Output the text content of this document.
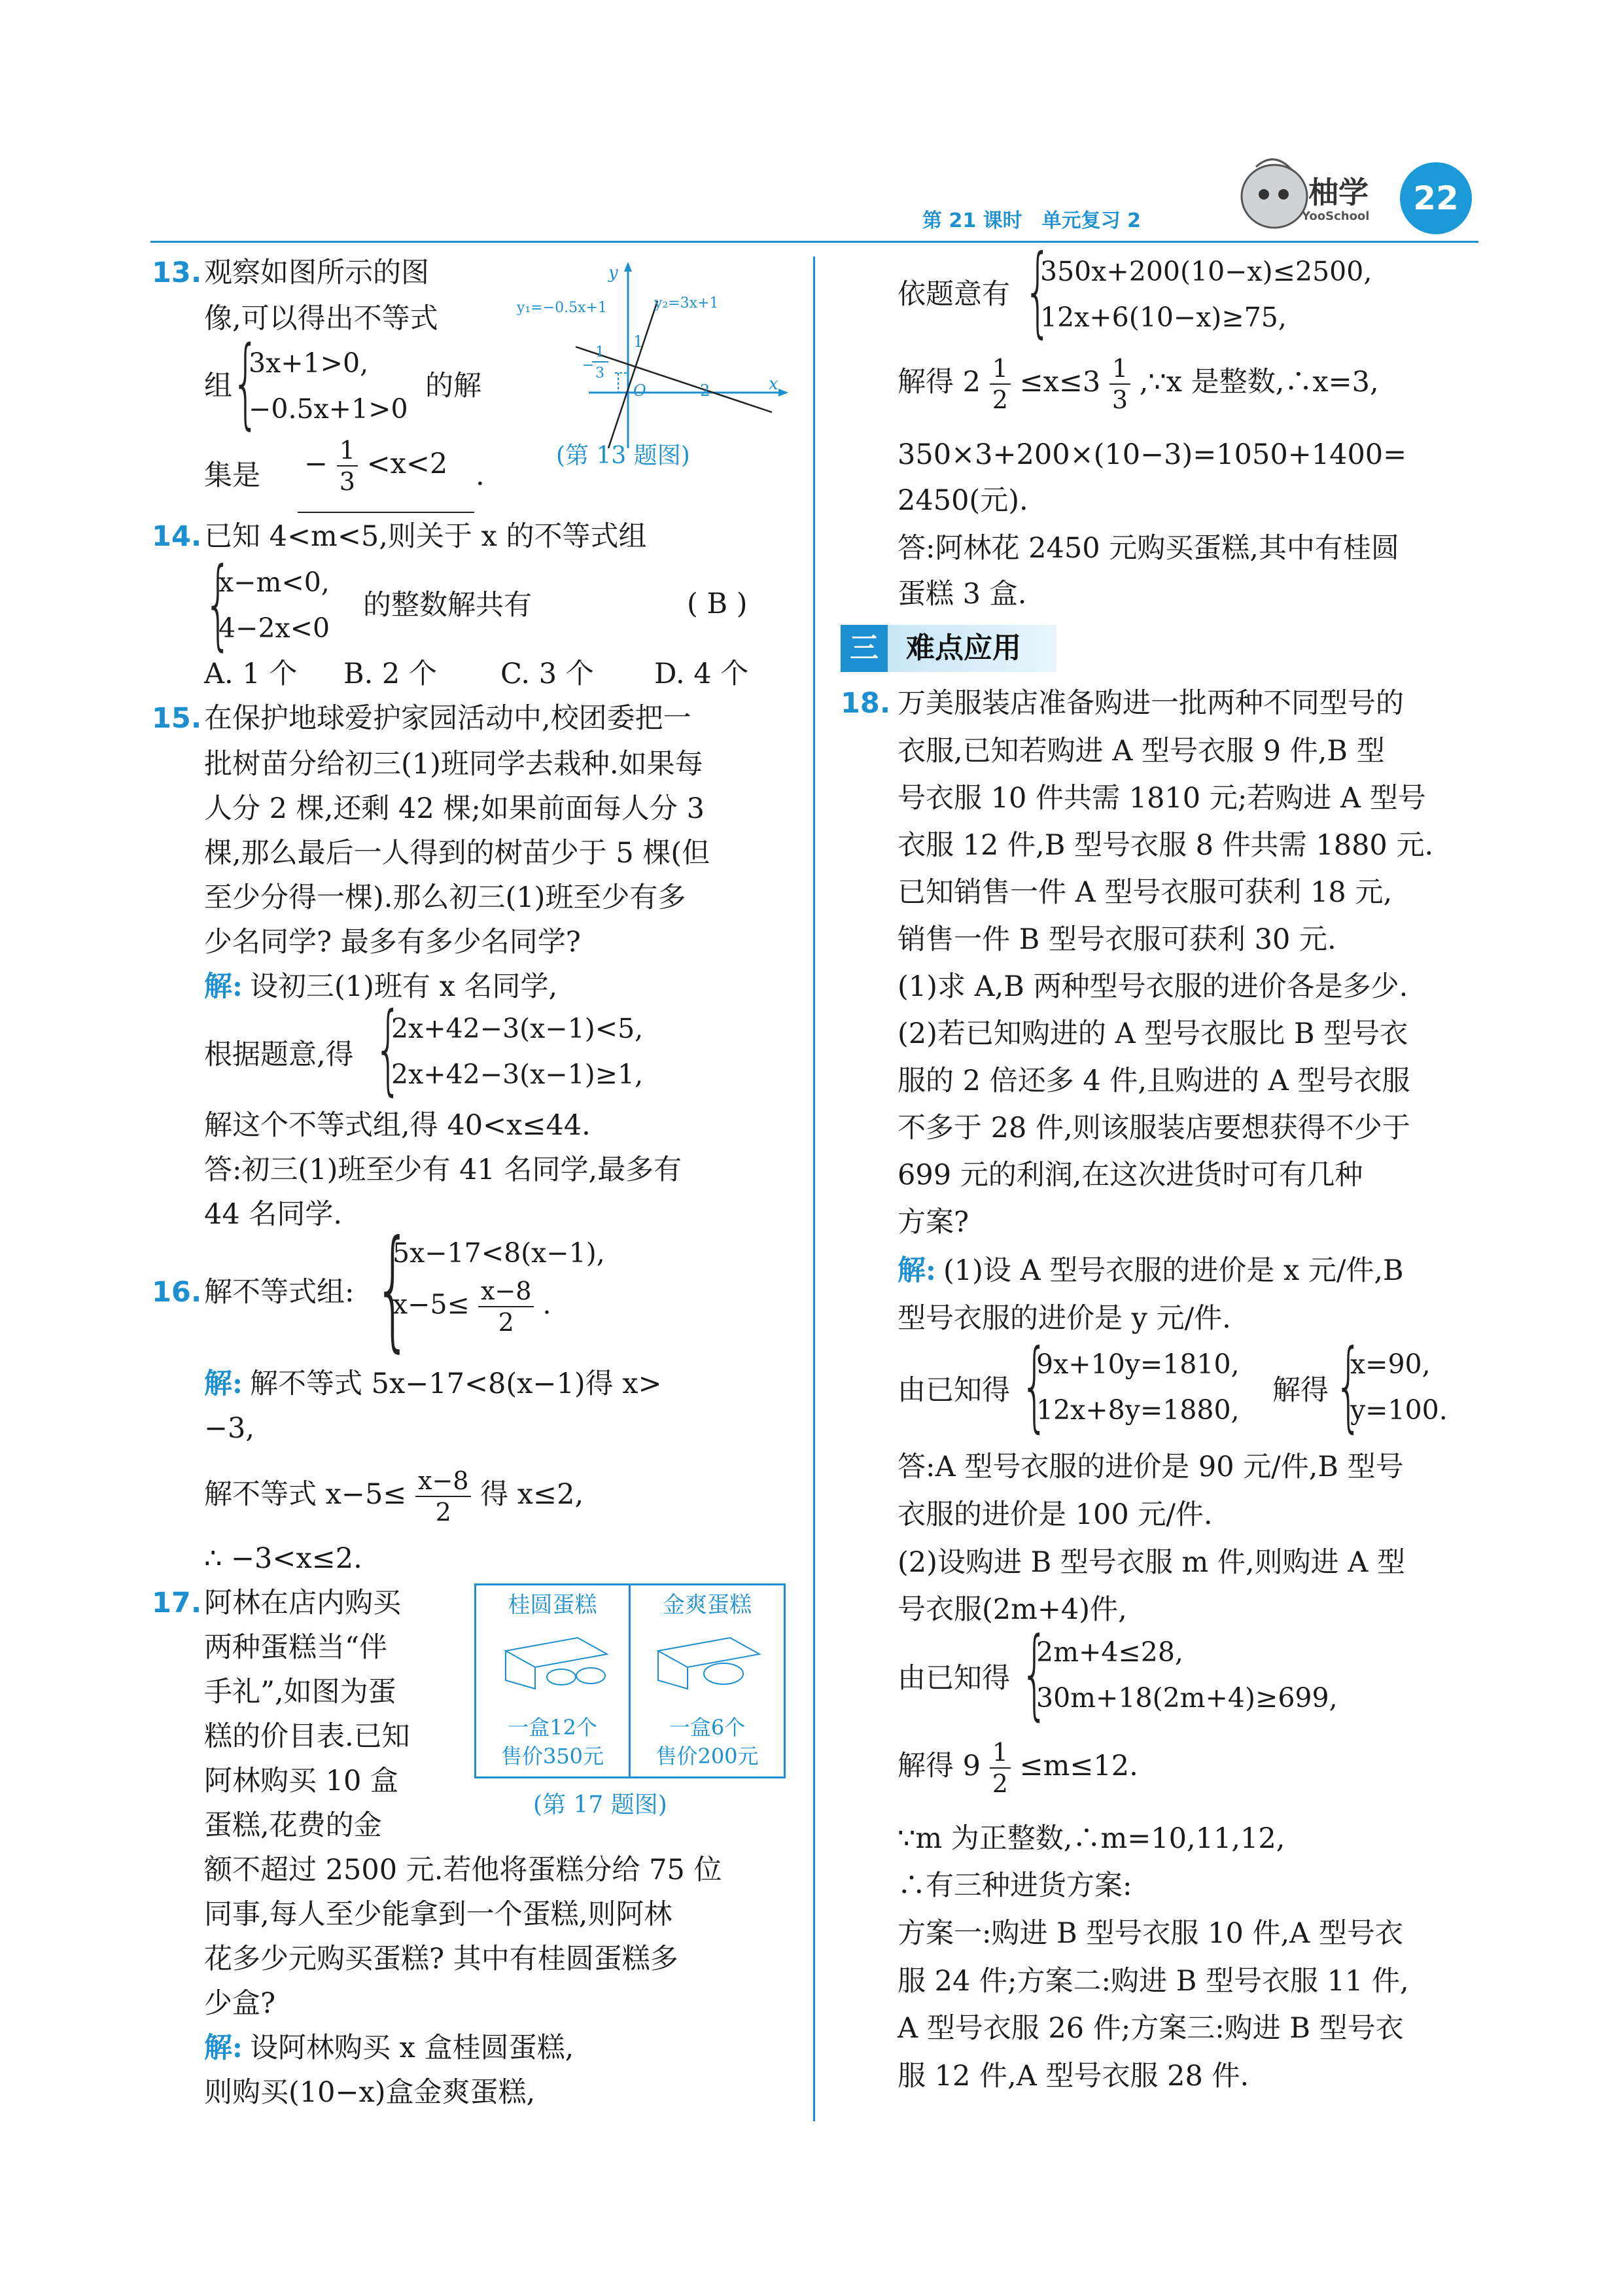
第 21 课时　单元复习 2
柚学
YooSchool	22
13. 观察如图所示的图
像,可以得出不等式
组 {
3x+1>0,
−0.5x+1>0
的解
集是 − $\frac{1}{3} <x<2$ .
y
x
y₁=−0.5x+1	y₂=3x+1
1
−
1
3
O	2
(第 13 题图)
14. 已知 4<m<5,则关于 x 的不等式组
{
x−m<0,
4−2x<0
的整数解共有	( B )
A. 1 个 B. 2 个 C. 3 个 D. 4 个
15. 在保护地球爱护家园活动中,校团委把一
批树苗分给初三(1)班同学去栽种.如果每
人分 2 棵,还剩 42 棵;如果前面每人分 3
棵,那么最后一人得到的树苗少于 5 棵(但
至少分得一棵).那么初三(1)班至少有多
少名同学? 最多有多少名同学?
解: 设初三(1)班有 x 名同学,
根据题意,得 {
2x+42−3(x−1)<5,
2x+42−3(x−1)≥1,
解这个不等式组,得 40<x≤44.
答:初三(1)班至少有 41 名同学,最多有
44 名同学.
16. 解不等式组: {
5x−17<8(x−1),
$x-5\le \frac{x-8}{2}$ .
解: 解不等式 5x−17<8(x−1)得 x>
−3,
解不等式 $x-5\le \frac{x-8}{2}$ 得 x≤2,
∴ −3<x≤2.
17. 阿林在店内购买
两种蛋糕当“伴
手礼”,如图为蛋
糕的价目表.已知
阿林购买 10 盒
蛋糕,花费的金
额不超过 2500 元.若他将蛋糕分给 75 位
同事,每人至少能拿到一个蛋糕,则阿林
花多少元购买蛋糕? 其中有桂圆蛋糕多
少盒?
解: 设阿林购买 x 盒桂圆蛋糕,
则购买(10−x)盒金爽蛋糕,
桂圆蛋糕	金爽蛋糕
一盒12个
售价350元
一盒6个
售价200元
(第 17 题图)
依题意有 {
350x+200(10−x)≤2500,
12x+6(10−x)≥75,
解得 $2 \frac{1}{2} \le x\le 3 \frac{1}{3}$ ,∵x 是整数,∴x=3,
350×3+200×(10−3)=1050+1400=
2450(元).
答:阿林花 2450 元购买蛋糕,其中有桂圆
蛋糕 3 盒.
三 难点应用
18. 万美服装店准备购进一批两种不同型号的
衣服,已知若购进 A 型号衣服 9 件,B 型
号衣服 10 件共需 1810 元;若购进 A 型号
衣服 12 件,B 型号衣服 8 件共需 1880 元.
已知销售一件 A 型号衣服可获利 18 元,
销售一件 B 型号衣服可获利 30 元.
(1)求 A,B 两种型号衣服的进价各是多少.
(2)若已知购进的 A 型号衣服比 B 型号衣
服的 2 倍还多 4 件,且购进的 A 型号衣服
不多于 28 件,则该服装店要想获得不少于
699 元的利润,在这次进货时可有几种
方案?
解: (1)设 A 型号衣服的进价是 x 元/件,B
型号衣服的进价是 y 元/件.
由已知得 {
9x+10y=1810,
12x+8y=1880,
解得 {
x=90,
y=100.
答:A 型号衣服的进价是 90 元/件,B 型号
衣服的进价是 100 元/件.
(2)设购进 B 型号衣服 m 件,则购进 A 型
号衣服(2m+4)件,
由已知得 {
2m+4≤28,
30m+18(2m+4)≥699,
解得 $9 \frac{1}{2} \le m\le 12$.
∵m 为正整数,∴m=10,11,12,
∴有三种进货方案:
方案一:购进 B 型号衣服 10 件,A 型号衣
服 24 件;方案二:购进 B 型号衣服 11 件,
A 型号衣服 26 件;方案三:购进 B 型号衣
服 12 件,A 型号衣服 28 件.
